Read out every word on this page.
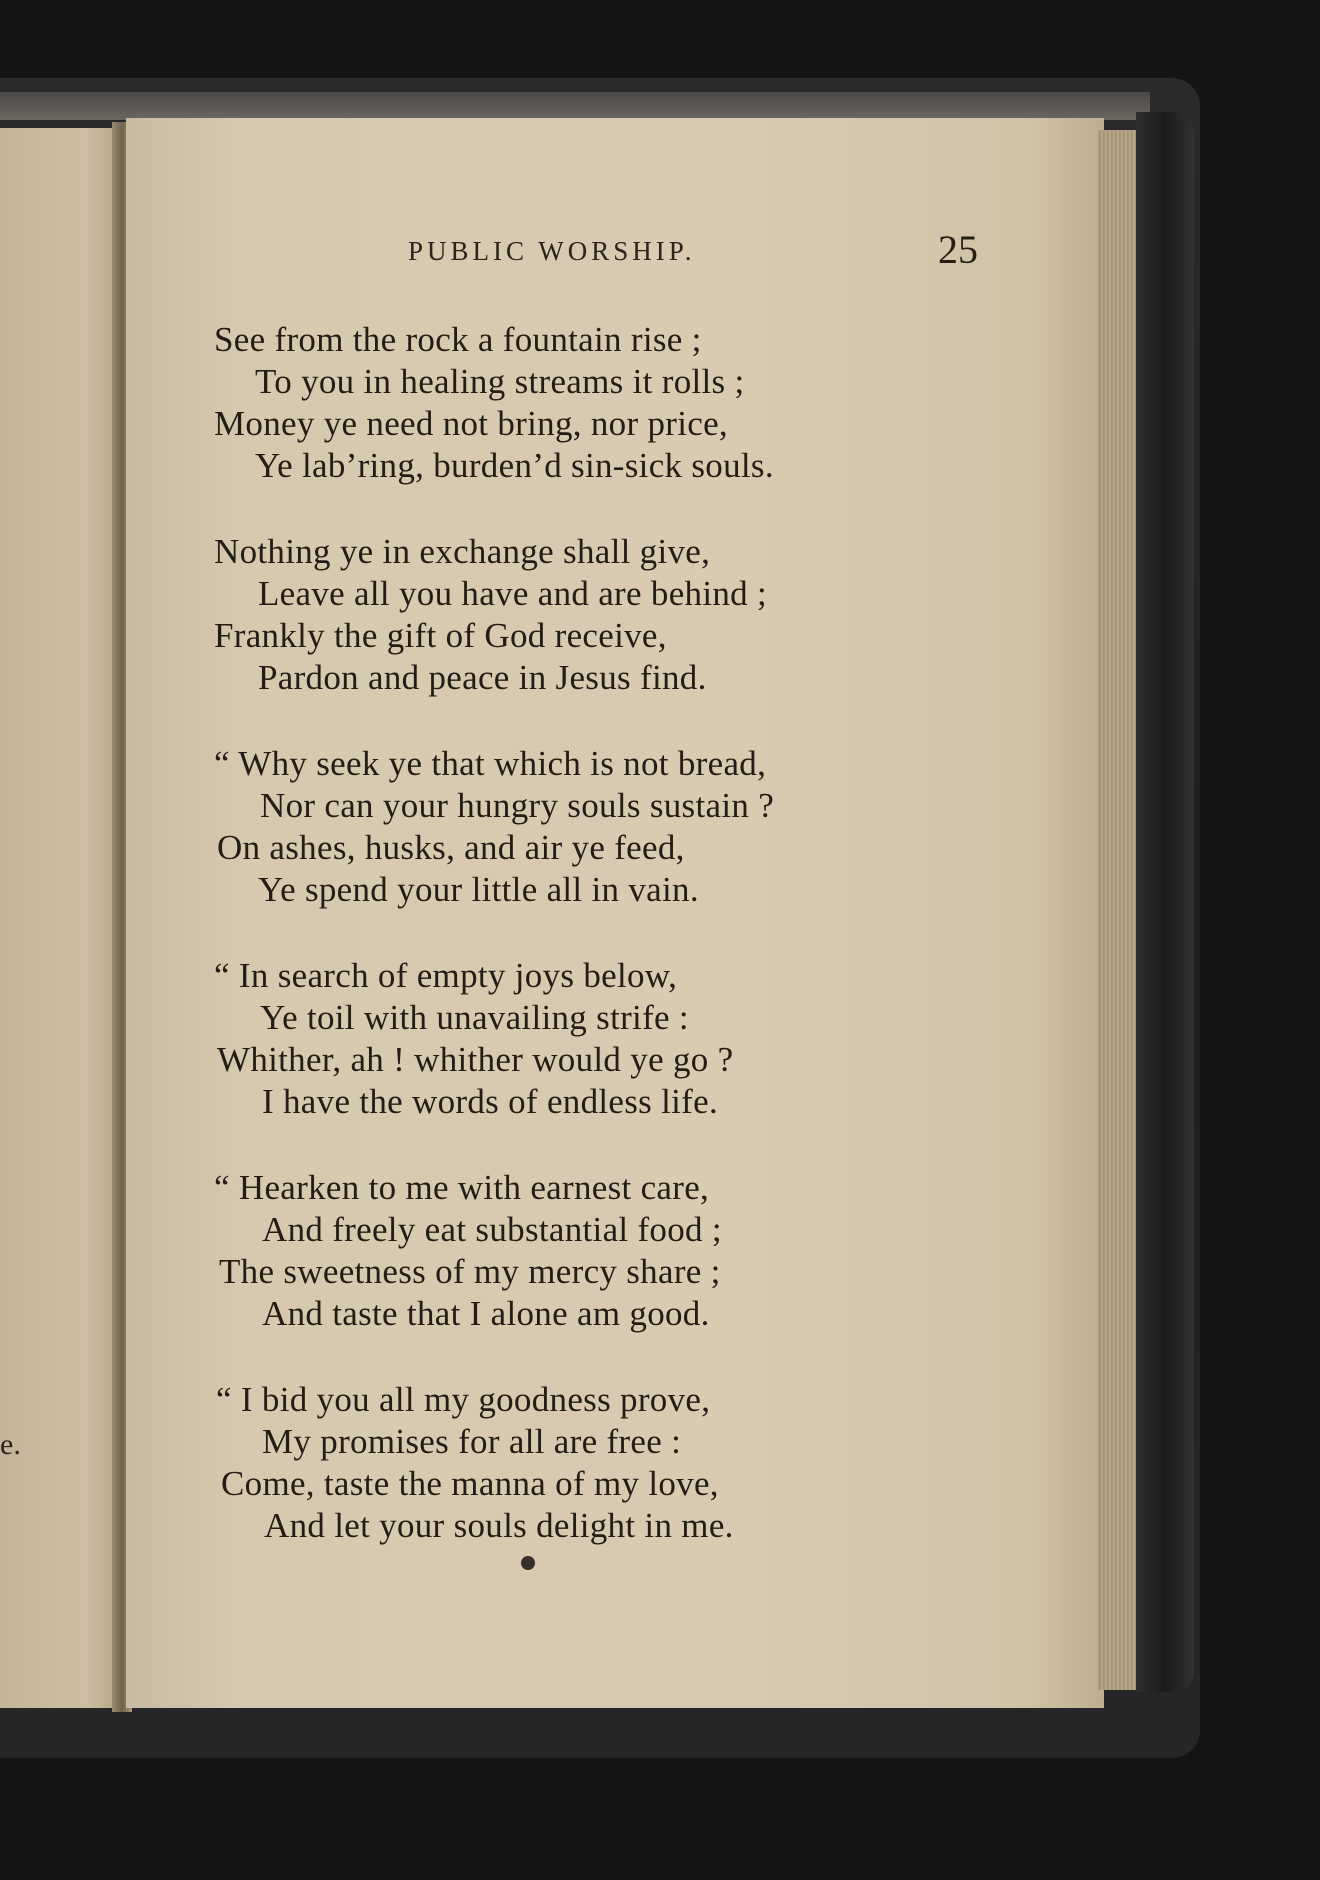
e.
PUBLIC WORSHIP.	25
See from the rock a fountain rise ;
To you in healing streams it rolls ;
Money ye need not bring, nor price,
Ye lab’ring, burden’d sin-sick souls.
Nothing ye in exchange shall give,
Leave all you have and are behind ;
Frankly the gift of God receive,
Pardon and peace in Jesus find.
“ Why seek ye that which is not bread,
Nor can your hungry souls sustain ?
On ashes, husks, and air ye feed,
Ye spend your little all in vain.
“ In search of empty joys below,
Ye toil with unavailing strife :
Whither, ah ! whither would ye go ?
I have the words of endless life.
“ Hearken to me with earnest care,
And freely eat substantial food ;
The sweetness of my mercy share ;
And taste that I alone am good.
“ I bid you all my goodness prove,
My promises for all are free :
Come, taste the manna of my love,
And let your souls delight in me.
